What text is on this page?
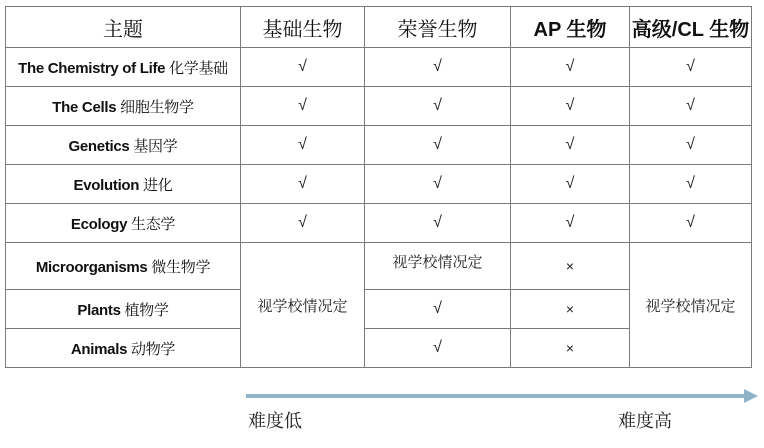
主题	基础生物	荣誉生物	AP 生物	高级/CL 生物
The Chemistry of Life 化学基础	√	√	√	√
The Cells 细胞生物学	√	√	√	√
Genetics 基因学	√	√	√	√
Evolution 进化	√	√	√	√
Ecology 生态学	√	√	√	√
Microorganisms 微生物学	视学校情况定	视学校情况定	×	视学校情况定
Plants 植物学		√	×	
Animals 动物学		√	×	
难度低	难度高
